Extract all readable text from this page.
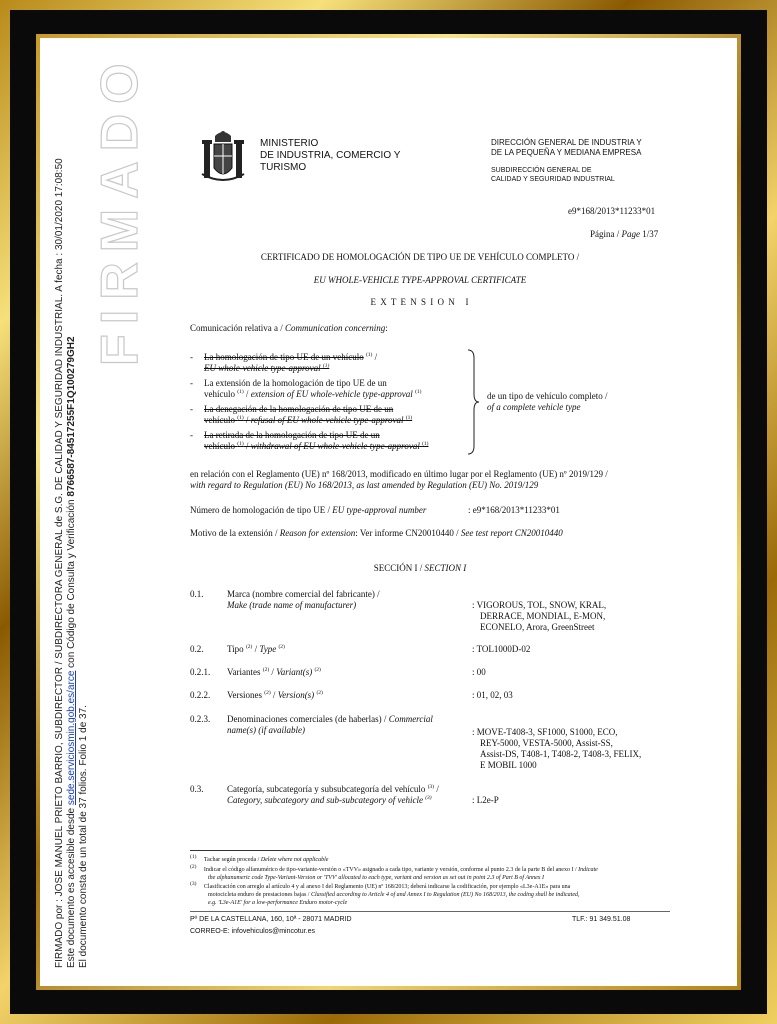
FIRMADO por : JOSE MANUEL PRIETO BARRIO, SUBDIRECTOR / SUBDIRECTORA GENERAL de S.G. DE CALIDAD Y SEGURIDAD INDUSTRIAL. A fecha : 30/01/2020 17:08:50 Este documento es accesible desde sede.serviciosmin.gob.es/arce con Código de Consulta y Verificación 8766587-84517255F1Q100279GH2
El documento consta de un total de 37 folios. Folio 1 de 37.
FIRMADO	MINISTERIO
DE INDUSTRIA, COMERCIO Y
TURISMO
DIRECCIÓN GENERAL DE INDUSTRIA Y
DE LA PEQUEÑA Y MEDIANA EMPRESA
SUBDIRECCIÓN GENERAL DE
CALIDAD Y SEGURIDAD INDUSTRIAL
e9*168/2013*11233*01
Página / Page 1/37
CERTIFICADO DE HOMOLOGACIÓN DE TIPO UE DE VEHÍCULO COMPLETO /
EU WHOLE-VEHICLE TYPE-APPROVAL CERTIFICATE
E X T E N S I O N   I
Comunicación relativa a / Communication concerning:
- La homologación de tipo UE de un vehículo $^{(1)}$ /
EU whole-vehicle type-approval $^{(1)}$
- La extensión de la homologación de tipo UE de un
vehículo $^{(1)}$ / extension of EU whole-vehicle type-approval $^{(1)}$
- La denegación de la homologación de tipo UE de un
vehículo $^{(1)}$ / refusal of EU whole-vehicle type-approval $^{(1)}$
- La retirada de la homologación de tipo UE de un
vehículo $^{(1)}$ / withdrawal of EU whole-vehicle type-approval $^{(1)}$
de un tipo de vehículo completo /
of a complete vehicle type
en relación con el Reglamento (UE) nº 168/2013, modificado en último lugar por el Reglamento (UE) nº 2019/129 /
with regard to Regulation (EU) No 168/2013, as last amended by Regulation (EU) No. 2019/129
Número de homologación de tipo UE / EU type-approval number	: e9*168/2013*11233*01
Motivo de la extensión / Reason for extension: Ver informe CN20010440 / See test report CN20010440
SECCIÓN I / SECTION I
0.1.	Marca (nombre comercial del fabricante) /
Make (trade name of manufacturer)	: VIGOROUS, TOL, SNOW, KRAL,
DERRACE, MONDIAL, E-MON,
ECONELO, Arora, GreenStreet
0.2.	Tipo $^{(2)}$ / Type $^{(2)}$	: TOL1000D-02
0.2.1. Variantes $^{(2)}$ / Variant(s) $^{(2)}$	: 00
0.2.2. Versiones $^{(2)}$ / Version(s) $^{(2)}$	: 01, 02, 03
0.2.3. Denominaciones comerciales (de haberlas) / Commercial
name(s) (if available)	: MOVE-T408-3, SF1000, S1000, ECO,
REY-5000, VESTA-5000, Assist-SS,
Assist-DS, T408-1, T408-2, T408-3, FELIX,
E MOBIL 1000
0.3.	Categoría, subcategoría y subsubcategoría del vehículo $^{(3)}$ /
Category, subcategory and sub-subcategory of vehicle $^{(3)}$	: L2e-P
$^{(1)}$ Tachar según proceda / Delete where not applicable
$^{(2)}$ Indicar el código alfanumérico de tipo-variante-versión o «TVV» asignado a cada tipo, variante y versión, conforme al punto 2.3 de la parte B del anexo I / Indicate
the alphanumeric code Type-Variant-Version or 'TVV' allocated to each type, variant and version as set out in point 2.3 of Part B of Annex I
$^{(3)}$ Clasificación con arreglo al artículo 4 y al anexo I del Reglamento (UE) nº 168/2013; deberá indicarse la codificación, por ejemplo «L3e-A1E» para una
motocicleta enduro de prestaciones bajas / Classified according to Article 4 of and Annex I to Regulation (EU) No 168/2013, the coding shall be indicated,
e.g. 'L3e-A1E' for a low-performance Enduro motor-cycle
Pº DE LA CASTELLANA, 160, 10ª - 28071 MADRID
CORREO-E: infovehiculos@mincotur.es
TLF.: 91 349.51.08
